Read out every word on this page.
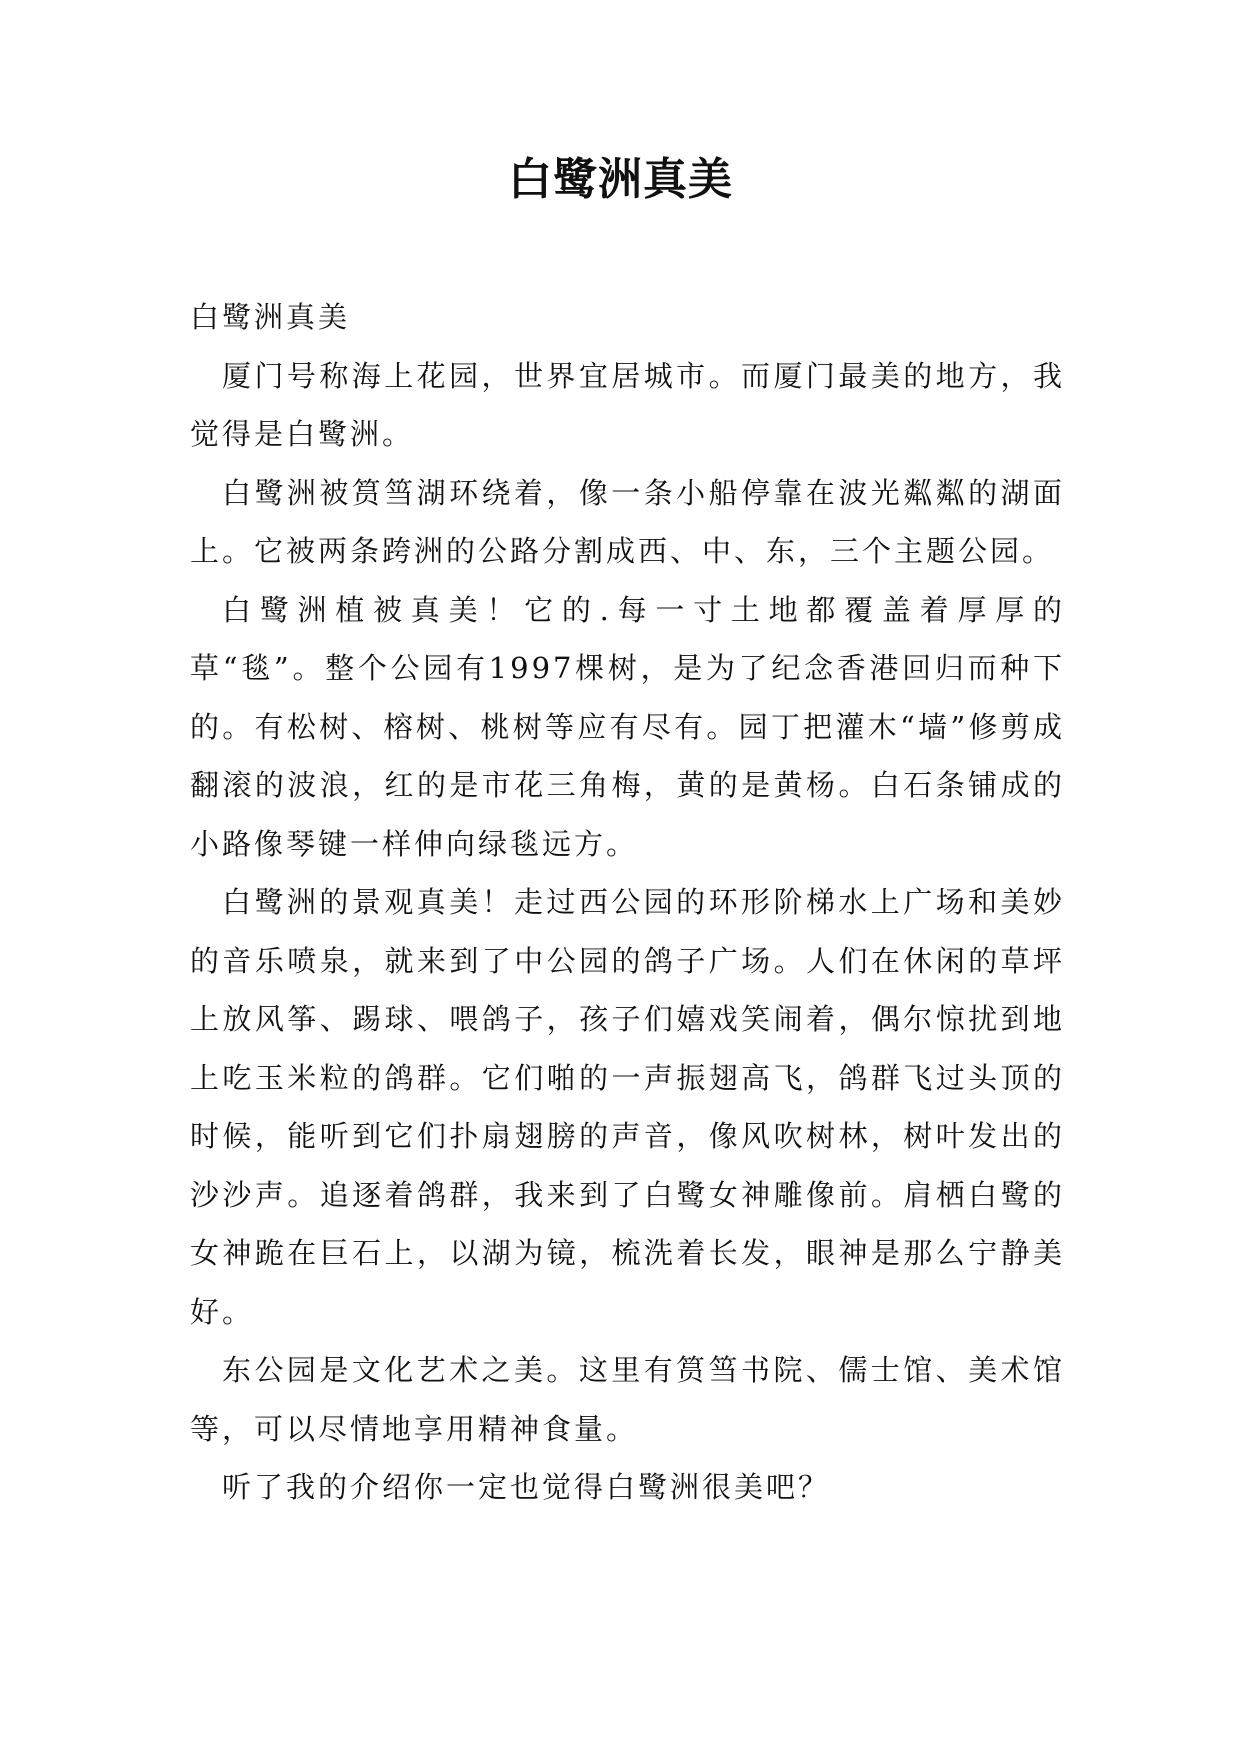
白鹭洲真美

白鹭洲真美

厦门号称海上花园，世界宜居城市。而厦门最美的地方，我觉得是白鹭洲。

白鹭洲被筼筜湖环绕着，像一条小船停靠在波光粼粼的湖面上。它被两条跨洲的公路分割成西、中、东，三个主题公园。

白鹭洲植被真美！它的.每一寸土地都覆盖着厚厚的草“毯”。整个公园有1997棵树，是为了纪念香港回归而种下的。有松树、榕树、桃树等应有尽有。园丁把灌木“墙”修剪成翻滚的波浪，红的是市花三角梅，黄的是黄杨。白石条铺成的小路像琴键一样伸向绿毯远方。

白鹭洲的景观真美！走过西公园的环形阶梯水上广场和美妙的音乐喷泉，就来到了中公园的鸽子广场。人们在休闲的草坪上放风筝、踢球、喂鸽子，孩子们嬉戏笑闹着，偶尔惊扰到地上吃玉米粒的鸽群。它们啪的一声振翅高飞，鸽群飞过头顶的时候，能听到它们扑扇翅膀的声音，像风吹树林，树叶发出的沙沙声。追逐着鸽群，我来到了白鹭女神雕像前。肩栖白鹭的女神跪在巨石上，以湖为镜，梳洗着长发，眼神是那么宁静美好。

东公园是文化艺术之美。这里有筼筜书院、儒士馆、美术馆等，可以尽情地享用精神食量。

听了我的介绍你一定也觉得白鹭洲很美吧？
